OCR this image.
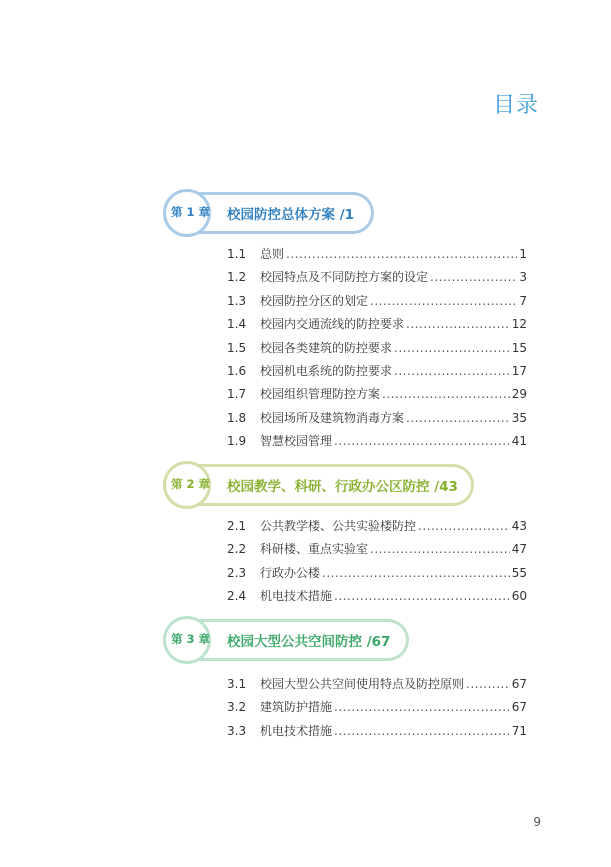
目录
第 1 章	校园防控总体方案 /1
1.1	总则 .....	1
1.2	校园特点及不同防控方案的设定 .....	3
1.3	校园防控分区的划定 .....	7
1.4	校园内交通流线的防控要求 .....	12
1.5	校园各类建筑的防控要求 .....	15
1.6	校园机电系统的防控要求 .....	17
1.7	校园组织管理防控方案 .....	29
1.8	校园场所及建筑物消毒方案 .....	35
1.9	智慧校园管理 .....	41
第 2 章	校园教学、科研、行政办公区防控 /43
2.1	公共教学楼、公共实验楼防控 .....	43
2.2	科研楼、重点实验室 .....	47
2.3	行政办公楼 .....	55
2.4	机电技术措施 .....	60
第 3 章	校园大型公共空间防控 /67
3.1	校园大型公共空间使用特点及防控原则 .....	67
3.2	建筑防护措施 .....	67
3.3	机电技术措施 .....	71
9
